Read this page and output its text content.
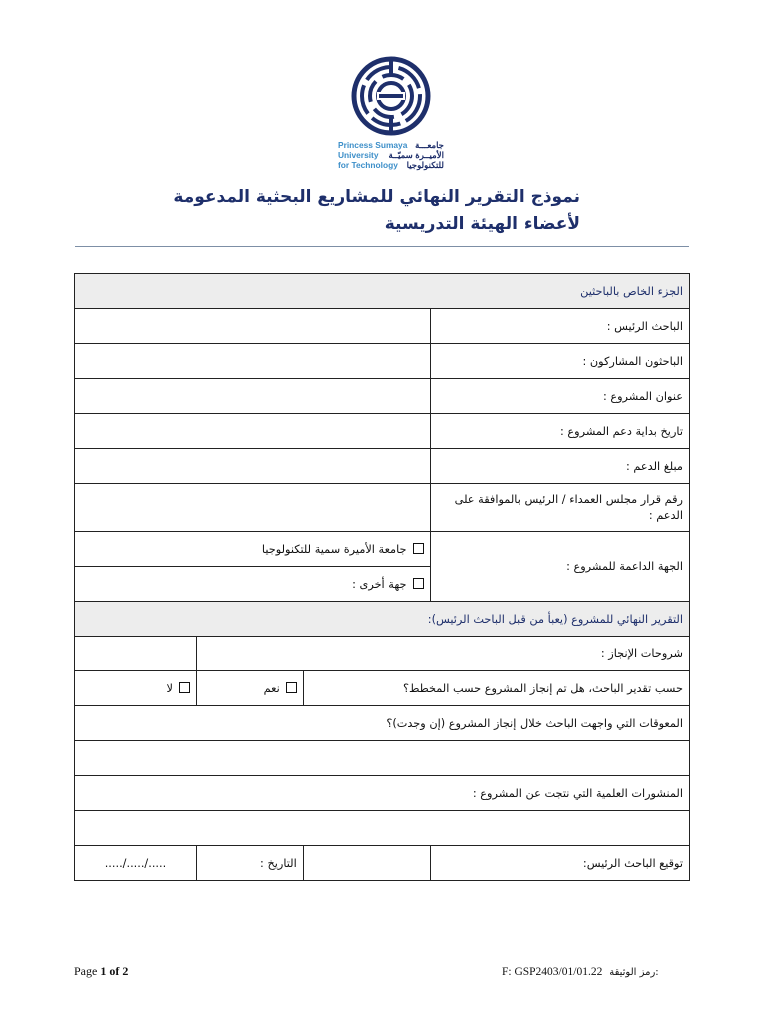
Princess Sumaya
University
for Technology
جامعـــة
الأميــرة سميّــة
للتكنولوجيا
نموذج التقرير النهائي للمشاريع البحثية المدعومة
لأعضاء الهيئة التدريسية
الجزء الخاص بالباحثين			
الباحث الرئيس :			
الباحثون المشاركون :			
عنوان المشروع :			
تاريخ بداية دعم المشروع :			
مبلغ الدعم :			
رقم قرار مجلس العمداء / الرئيس بالموافقة على الدعم :			
الجهة الداعمة للمشروع :	جامعة الأميرة سمية للتكنولوجيا		
	جهة أخرى :		
التقرير النهائي للمشروع (يعبأ من قبل الباحث الرئيس):			
شروحات الإنجاز :			
حسب تقدير الباحث، هل تم إنجاز المشروع حسب المخطط؟		نعم	لا
المعوقات التي واجهت الباحث خلال إنجاز المشروع (إن وجدت)؟			

المنشورات العلمية التي نتجت عن المشروع :			

توقيع الباحث الرئيس:		التاريخ :	...../...../.....
Page 1 of 2	F: GSP2403/01/01.22 رمز الوثيقة:
